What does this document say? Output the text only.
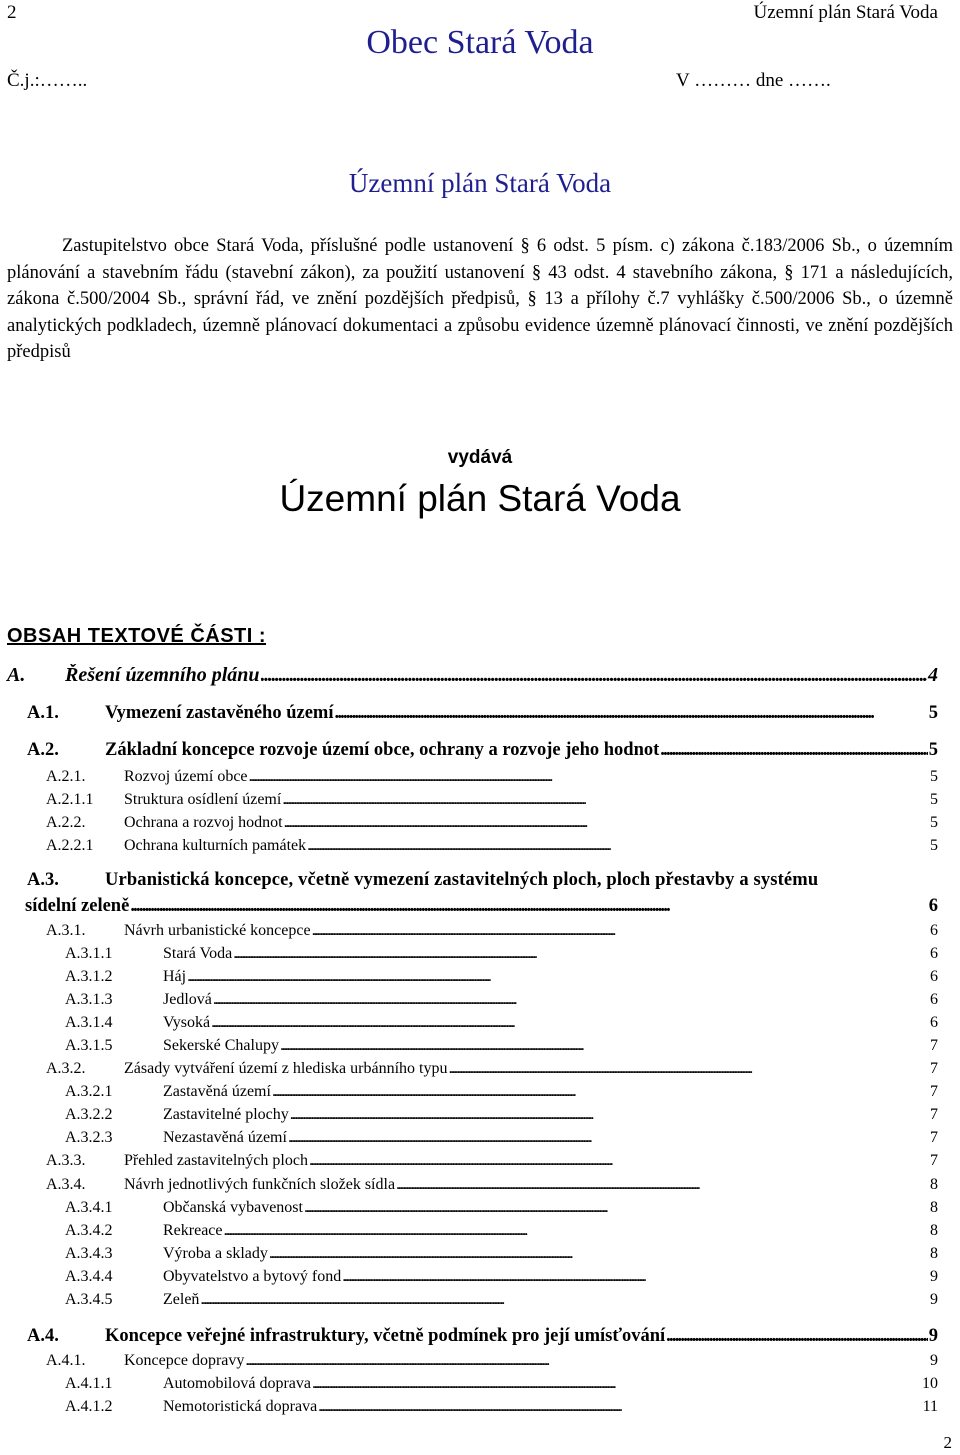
2	Územní plán Stará Voda
Obec Stará Voda
Č.j.:……..	V ……… dne …….
Územní plán Stará Voda
Zastupitelstvo obce Stará Voda, příslušné podle ustanovení § 6 odst. 5 písm. c) zákona č.183/2006 Sb., o územním plánování a stavebním řádu (stavební zákon), za použití ustanovení § 43 odst. 4 stavebního zákona, § 171 a následujících, zákona č.500/2004 Sb., správní řád, ve znění pozdějších předpisů, § 13 a přílohy č.7 vyhlášky č.500/2006 Sb., o územně analytických podkladech, územně plánovací dokumentaci a způsobu evidence územně plánovací činnosti, ve znění pozdějších předpisů
vydává
Územní plán Stará Voda
OBSAH TEXTOVÉ ČÁSTI :
A. Řešení územního plánu . . .	4
A.1. Vymezení zastavěného území . . .	5
A.2. Základní koncepce rozvoje území obce, ochrany a rozvoje jeho hodnot . . .	5
A.2.1. Rozvoj území obce . . .	5
A.2.1.1 Struktura osídlení území . . .	5
A.2.2. Ochrana a rozvoj hodnot . . .	5
A.2.2.1 Ochrana kulturních památek . . .	5
A.3. Urbanistická koncepce, včetně vymezení zastavitelných ploch, ploch přestavby a systému
sídelní zeleně . . .	6
A.3.1. Návrh urbanistické koncepce . . .	6
A.3.1.1	Stará Voda . . .	6
A.3.1.2	Háj . . .	6
A.3.1.3	Jedlová . . .	6
A.3.1.4	Vysoká . . .	6
A.3.1.5	Sekerské Chalupy . . .	7
A.3.2. Zásady vytváření území z hlediska urbánního typu . . .	7
A.3.2.1	Zastavěná území . . .	7
A.3.2.2	Zastavitelné plochy . . .	7
A.3.2.3	Nezastavěná území . . .	7
A.3.3. Přehled zastavitelných ploch . . .	7
A.3.4. Návrh jednotlivých funkčních složek sídla . . .	8
A.3.4.1	Občanská vybavenost . . .	8
A.3.4.2	Rekreace . . .	8
A.3.4.3	Výroba a sklady . . .	8
A.3.4.4	Obyvatelstvo a bytový fond . . .	9
A.3.4.5	Zeleň . . .	9
A.4. Koncepce veřejné infrastruktury, včetně podmínek pro její umísťování . . .	9
A.4.1. Koncepce dopravy . . .	9
A.4.1.1	Automobilová doprava . . .	10
A.4.1.2	Nemotoristická doprava . . .	11
2
